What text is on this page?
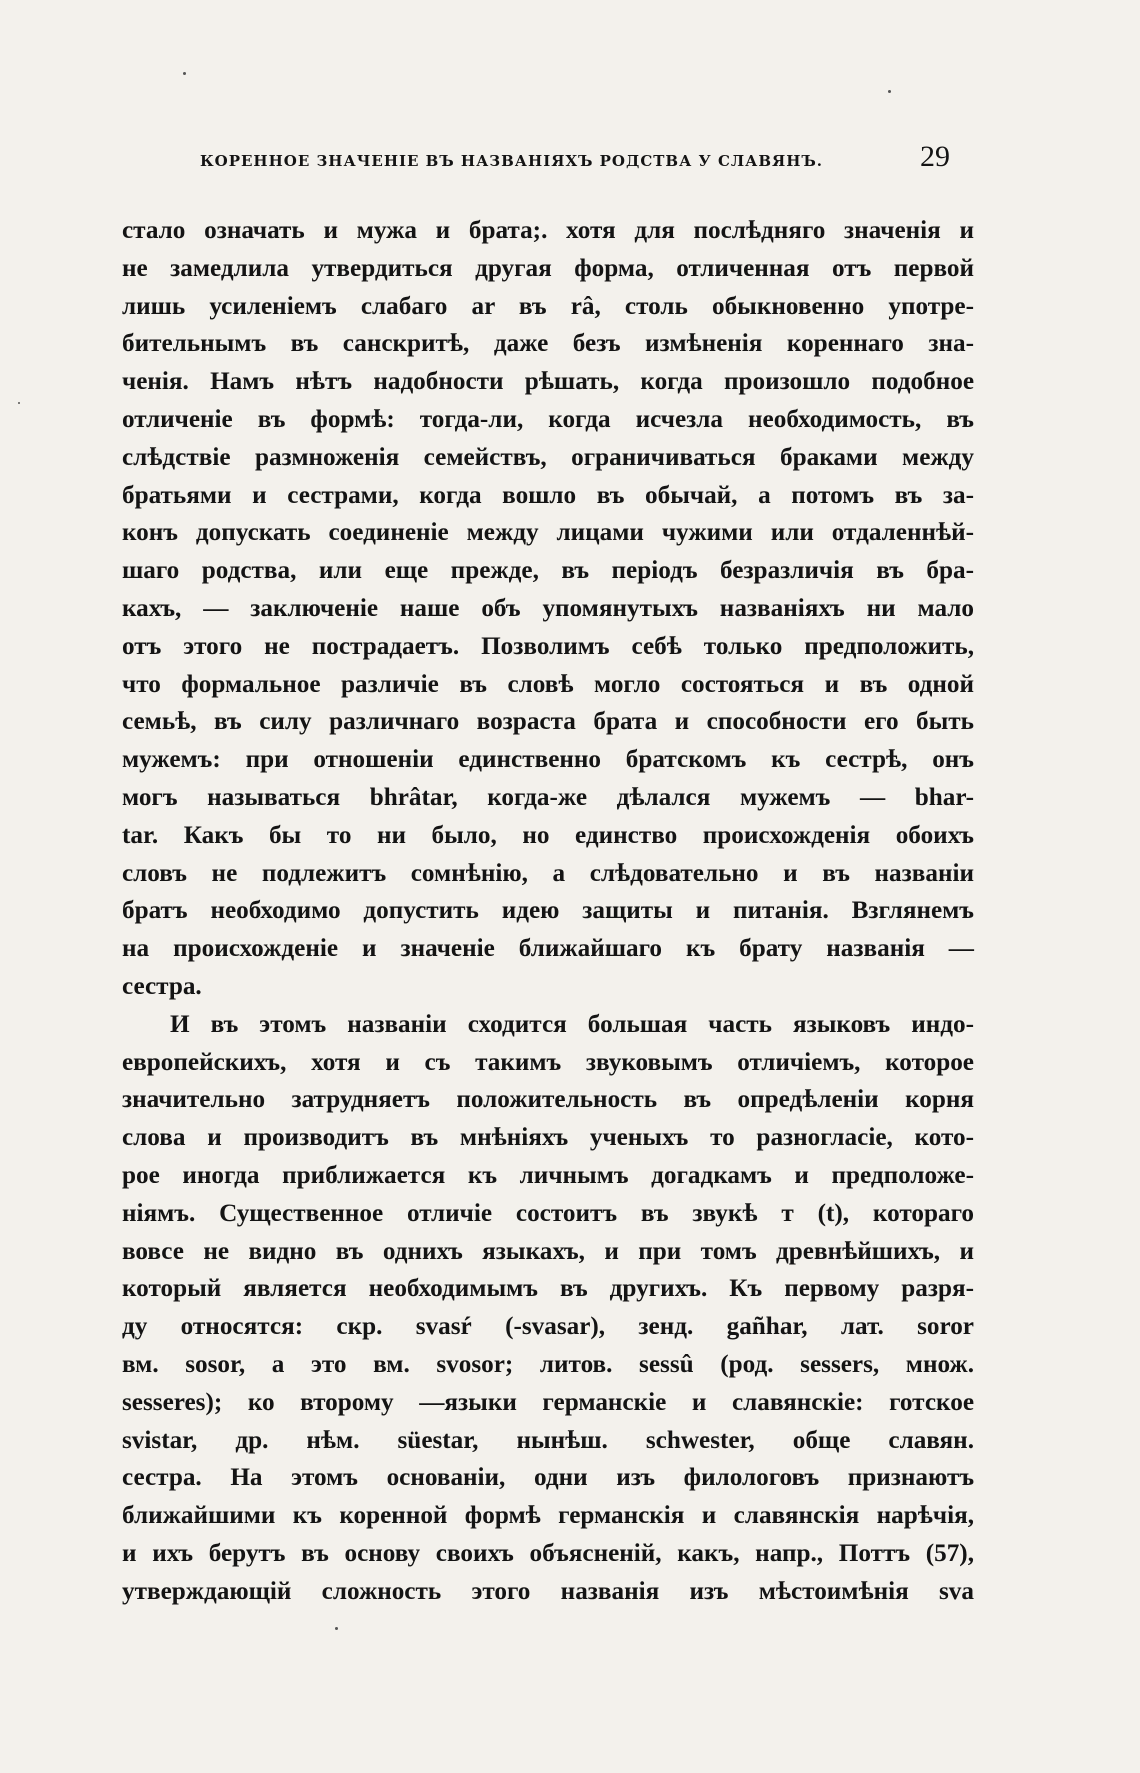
КОРЕННОЕ ЗНАЧЕНІЕ ВЪ НАЗВАНІЯХЪ РОДСТВА У СЛАВЯНЪ.	29
стало означать и мужа и брата;. хотя для послѣдняго значенія и
не замедлила утвердиться другая форма, отличенная отъ первой
лишь усиленіемъ слабаго ar въ râ, столь обыкновенно употре-
бительнымъ въ санскритѣ, даже безъ измѣненія кореннаго зна-
ченія. Намъ нѣтъ надобности рѣшать, когда произошло подобное
отличеніе въ формѣ: тогда-ли, когда исчезла необходимость, въ
слѣдствіе размноженія семействъ, ограничиваться браками между
братьями и сестрами, когда вошло въ обычай, а потомъ въ за-
конъ допускать соединеніе между лицами чужими или отдаленнѣй-
шаго родства, или еще прежде, въ періодъ безразличія въ бра-
кахъ, — заключеніе наше объ упомянутыхъ названіяхъ ни мало
отъ этого не пострадаетъ. Позволимъ себѣ только предположить,
что формальное различіе въ словѣ могло состояться и въ одной
семьѣ, въ силу различнаго возраста брата и способности его быть
мужемъ: при отношеніи единственно братскомъ къ сестрѣ, онъ
могъ называться bhrâtar, когда-же дѣлался мужемъ — bhar-
tar. Какъ бы то ни было, но единство происхожденія обоихъ
словъ не подлежитъ сомнѣнію, а слѣдовательно и въ названіи
братъ необходимо допустить идею защиты и питанія. Взглянемъ
на происхожденіе и значеніе ближайшаго къ брату названія —
сестра.
И въ этомъ названіи сходится большая часть языковъ индо-
европейскихъ, хотя и съ такимъ звуковымъ отличіемъ, которое
значительно затрудняетъ положительность въ опредѣленіи корня
слова и производитъ въ мнѣніяхъ ученыхъ то разногласіе, кото-
рое иногда приближается къ личнымъ догадкамъ и предположе-
ніямъ. Существенное отличіе состоитъ въ звукѣ т (t), котораго
вовсе не видно въ однихъ языкахъ, и при томъ древнѣйшихъ, и
который является необходимымъ въ другихъ. Къ первому разря-
ду относятся: скр. svasŕ (-svasar), зенд. gañhar, лат. soror
вм. sosor, а это вм. svosor; литов. sessû (род. sessers, множ.
sesseres); ко второму —языки германскіе и славянскіе: готское
svistar, др. нѣм. süestar, нынѣш. schwester, обще славян.
сестра. На этомъ основаніи, одни изъ филологовъ признаютъ
ближайшими къ коренной формѣ германскія и славянскія нарѣчія,
и ихъ берутъ въ основу своихъ объясненій, какъ, напр., Поттъ (57),
утверждающій сложность этого названія изъ мѣстоимѣнія sva
